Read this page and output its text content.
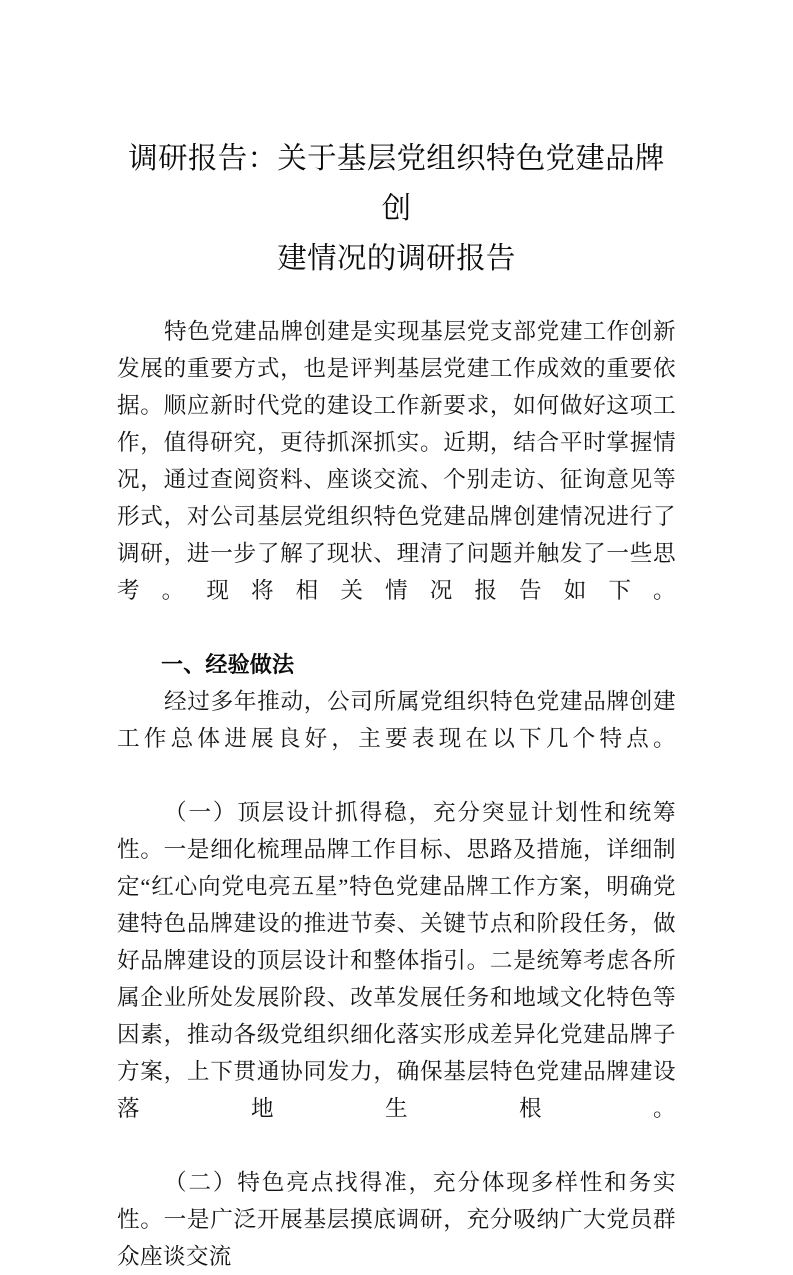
调研报告：关于基层党组织特色党建品牌创
建情况的调研报告

特色党建品牌创建是实现基层党支部党建工作创新发展的重要方式，也是评判基层党建工作成效的重要依据。顺应新时代党的建设工作新要求，如何做好这项工作，值得研究，更待抓深抓实。近期，结合平时掌握情况，通过查阅资料、座谈交流、个别走访、征询意见等形式，对公司基层党组织特色党建品牌创建情况进行了调研，进一步了解了现状、理清了问题并触发了一些思考。现将相关情况报告如下。

一、经验做法

经过多年推动，公司所属党组织特色党建品牌创建工作总体进展良好，主要表现在以下几个特点。

（一）顶层设计抓得稳，充分突显计划性和统筹性。一是细化梳理品牌工作目标、思路及措施，详细制定“红心向党电亮五星”特色党建品牌工作方案，明确党建特色品牌建设的推进节奏、关键节点和阶段任务，做好品牌建设的顶层设计和整体指引。二是统筹考虑各所属企业所处发展阶段、改革发展任务和地域文化特色等因素，推动各级党组织细化落实形成差异化党建品牌子方案，上下贯通协同发力，确保基层特色党建品牌建设落地生根。

（二）特色亮点找得准，充分体现多样性和务实性。一是广泛开展基层摸底调研，充分吸纳广大党员群众座谈交流
